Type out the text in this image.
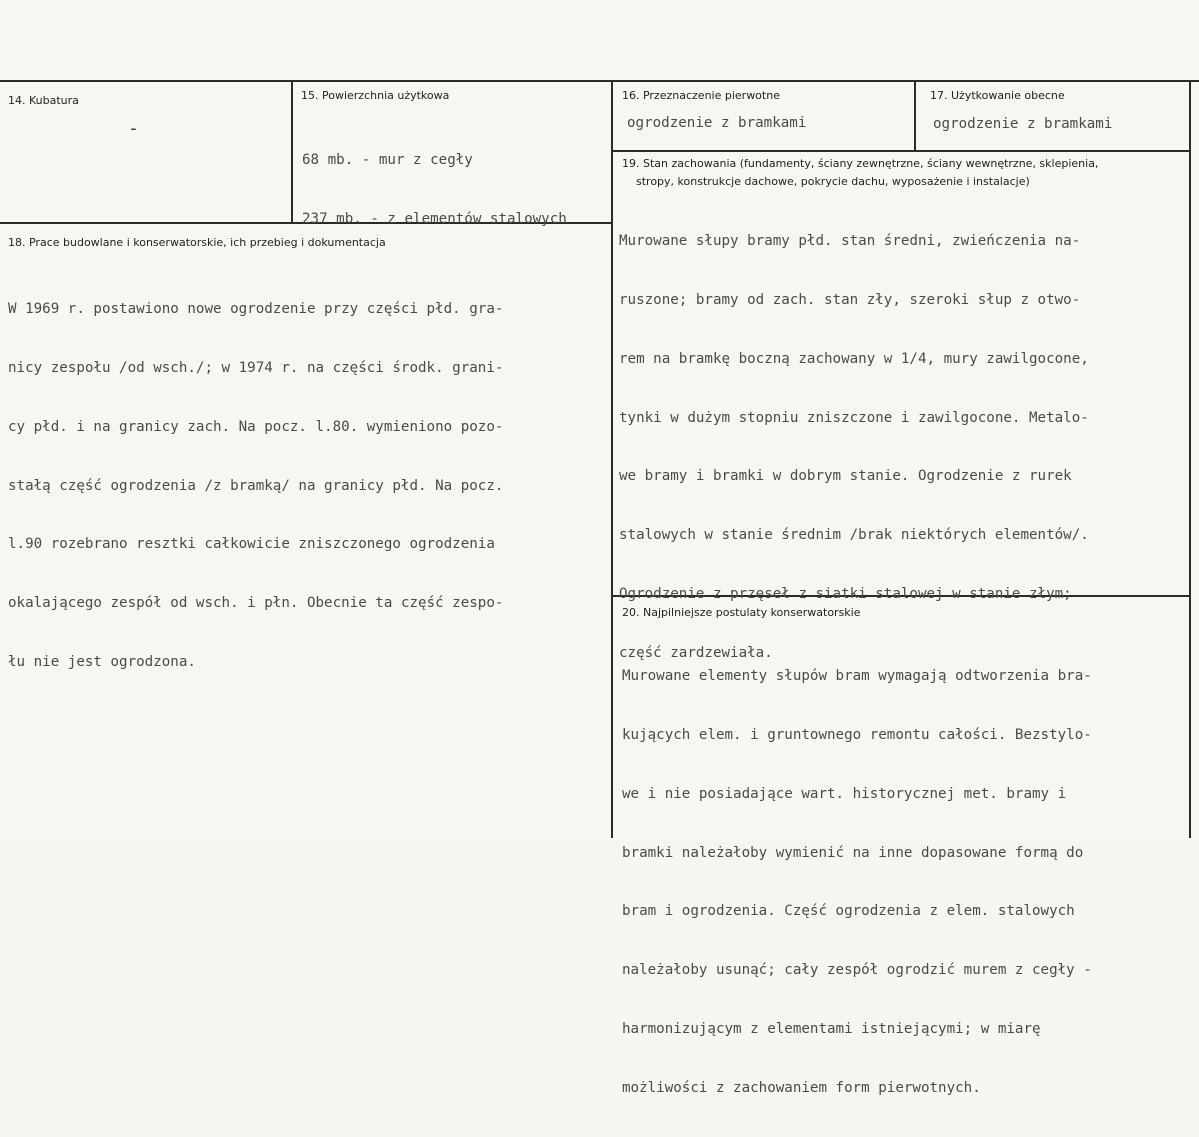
14. Kubatura
-
15. Powierzchnia użytkowa

68 mb. - mur z cegły

237 mb. - z elementów stalowych

16. Przeznaczenie pierwotne
ogrodzenie z bramkami
17. Użytkowanie obecne
ogrodzenie z bramkami
18. Prace budowlane i konserwatorskie, ich przebieg i dokumentacja

W 1969 r. postawiono nowe ogrodzenie przy części płd. gra-

nicy zespołu /od wsch./; w 1974 r. na części środk. grani-

cy płd. i na granicy zach. Na pocz. l.80. wymieniono pozo-

stałą część ogrodzenia /z bramką/ na granicy płd. Na pocz.

l.90 rozebrano resztki całkowicie zniszczonego ogrodzenia

okalającego zespół od wsch. i płn. Obecnie ta część zespo-

łu nie jest ogrodzona.

19. Stan zachowania (fundamenty, ściany zewnętrzne, ściany wewnętrzne, sklepienia,
stropy, konstrukcje dachowe, pokrycie dachu, wyposażenie i instalacje)

Murowane słupy bramy płd. stan średni, zwieńczenia na-

ruszone; bramy od zach. stan zły, szeroki słup z otwo-

rem na bramkę boczną zachowany w 1/4, mury zawilgocone,

tynki w dużym stopniu zniszczone i zawilgocone. Metalo-

we bramy i bramki w dobrym stanie. Ogrodzenie z rurek

stalowych w stanie średnim /brak niektórych elementów/.

Ogrodzenie z przęseł z siatki stalowej w stanie złym;

część zardzewiała.

20. Najpilniejsze postulaty konserwatorskie

Murowane elementy słupów bram wymagają odtworzenia bra-

kujących elem. i gruntownego remontu całości. Bezstylo-

we i nie posiadające wart. historycznej met. bramy i

bramki należałoby wymienić na inne dopasowane formą do

bram i ogrodzenia. Część ogrodzenia z elem. stalowych

należałoby usunąć; cały zespół ogrodzić murem z cegły -

harmonizującym z elementami istniejącymi; w miarę

możliwości z zachowaniem form pierwotnych.
